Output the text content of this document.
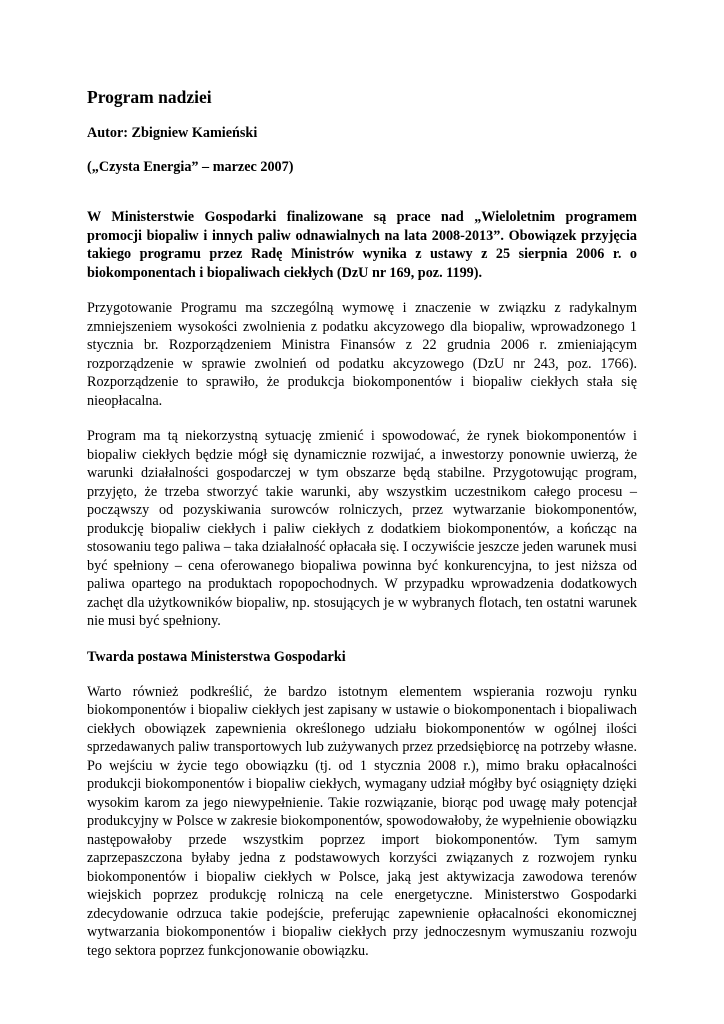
Program nadziei
Autor: Zbigniew Kamieński
(„Czysta Energia” – marzec 2007)

W Ministerstwie Gospodarki finalizowane są prace nad „Wieloletnim programem promocji biopaliw i innych paliw odnawialnych na lata 2008-2013”. Obowiązek przyjęcia takiego programu przez Radę Ministrów wynika z ustawy z 25 sierpnia 2006 r. o biokomponentach i biopaliwach ciekłych (DzU nr 169, poz. 1199).

Przygotowanie Programu ma szczególną wymowę i znaczenie w związku z radykalnym zmniejszeniem wysokości zwolnienia z podatku akcyzowego dla biopaliw, wprowadzonego 1 stycznia br. Rozporządzeniem Ministra Finansów z 22 grudnia 2006 r. zmieniającym rozporządzenie w sprawie zwolnień od podatku akcyzowego (DzU nr 243, poz. 1766). Rozporządzenie to sprawiło, że produkcja biokomponentów i biopaliw ciekłych stała się nieopłacalna.

Program ma tą niekorzystną sytuację zmienić i spowodować, że rynek biokomponentów i biopaliw ciekłych będzie mógł się dynamicznie rozwijać, a inwestorzy ponownie uwierzą, że warunki działalności gospodarczej w tym obszarze będą stabilne. Przygotowując program, przyjęto, że trzeba stworzyć takie warunki, aby wszystkim uczestnikom całego procesu – począwszy od pozyskiwania surowców rolniczych, przez wytwarzanie biokomponentów, produkcję biopaliw ciekłych i paliw ciekłych z dodatkiem biokomponentów, a kończąc na stosowaniu tego paliwa – taka działalność opłacała się. I oczywiście jeszcze jeden warunek musi być spełniony – cena oferowanego biopaliwa powinna być konkurencyjna, to jest niższa od paliwa opartego na produktach ropopochodnych. W przypadku wprowadzenia dodatkowych zachęt dla użytkowników biopaliw, np. stosujących je w wybranych flotach, ten ostatni warunek nie musi być spełniony.

Twarda postawa Ministerstwa Gospodarki

Warto również podkreślić, że bardzo istotnym elementem wspierania rozwoju rynku biokomponentów i biopaliw ciekłych jest zapisany w ustawie o biokomponentach i biopaliwach ciekłych obowiązek zapewnienia określonego udziału biokomponentów w ogólnej ilości sprzedawanych paliw transportowych lub zużywanych przez przedsiębiorcę na potrzeby własne. Po wejściu w życie tego obowiązku (tj. od 1 stycznia 2008 r.), mimo braku opłacalności produkcji biokomponentów i biopaliw ciekłych, wymagany udział mógłby być osiągnięty dzięki wysokim karom za jego niewypełnienie. Takie rozwiązanie, biorąc pod uwagę mały potencjał produkcyjny w Polsce w zakresie biokomponentów, spowodowałoby, że wypełnienie obowiązku następowałoby przede wszystkim poprzez import biokomponentów. Tym samym zaprzepaszczona byłaby jedna z podstawowych korzyści związanych z rozwojem rynku biokomponentów i biopaliw ciekłych w Polsce, jaką jest aktywizacja zawodowa terenów wiejskich poprzez produkcję rolniczą na cele energetyczne. Ministerstwo Gospodarki zdecydowanie odrzuca takie podejście, preferując zapewnienie opłacalności ekonomicznej wytwarzania biokomponentów i biopaliw ciekłych przy jednoczesnym wymuszaniu rozwoju tego sektora poprzez funkcjonowanie obowiązku.
